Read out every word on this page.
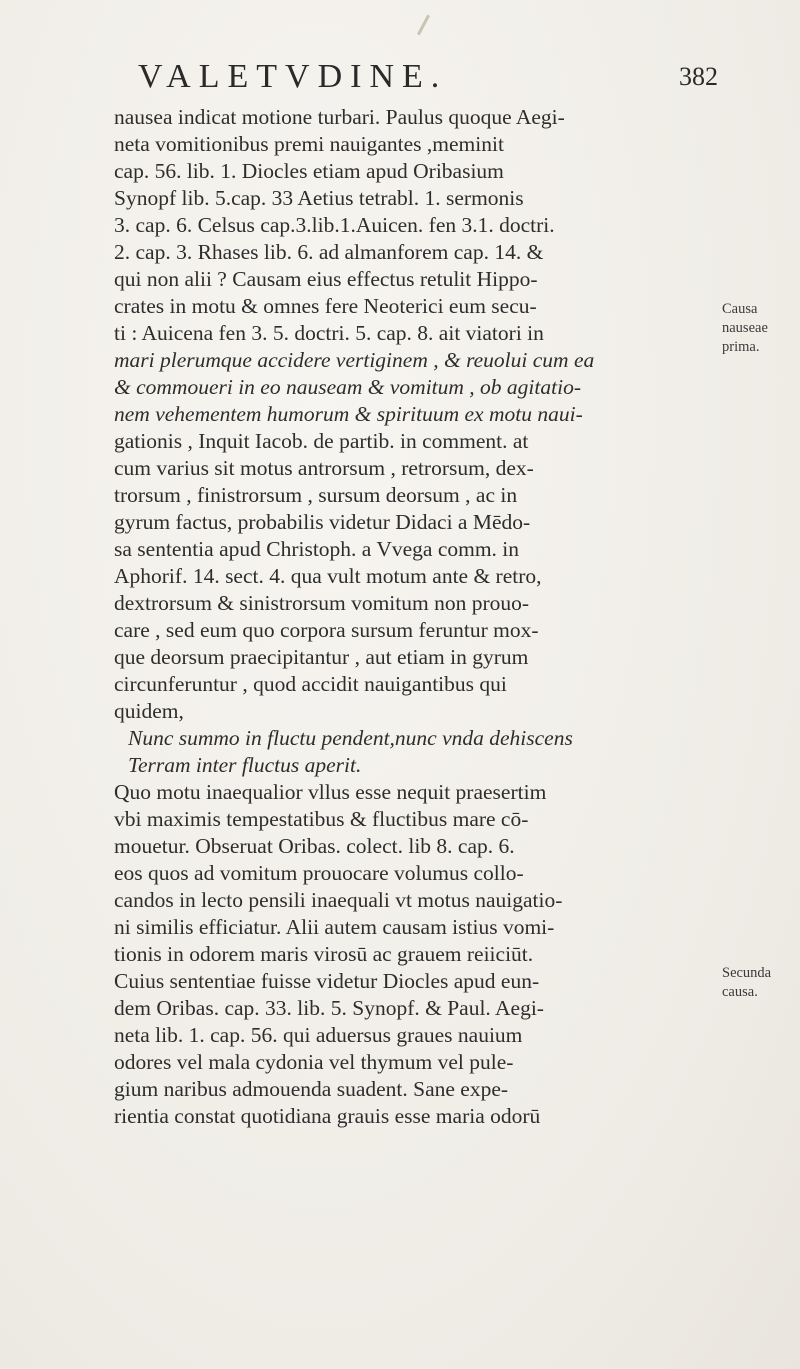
VALETVDINE.	382
nausea indicat motione turbari. Paulus quoque Aegi-
neta vomitionibus premi nauigantes ,meminit
cap. 56. lib. 1. Diocles etiam apud Oribasium
Synopf lib. 5.cap. 33 Aetius tetrabl. 1. sermonis
3. cap. 6. Celsus cap.3.lib.1.Auicen. fen 3.1. doctri.
2. cap. 3. Rhases lib. 6. ad almanforem cap. 14. &
qui non alii ? Causam eius effectus retulit Hippo-
crates in motu & omnes fere Neoterici eum secu-
ti : Auicena fen 3. 5. doctri. 5. cap. 8. ait viatori in
mari plerumque accidere vertiginem , & reuolui cum ea
& commoueri in eo nauseam & vomitum , ob agitatio-
nem vehementem humorum & spirituum ex motu naui-
gationis , Inquit Iacob. de partib. in comment. at
cum varius sit motus antrorsum , retrorsum, dex-
trorsum , finistrorsum , sursum deorsum , ac in
gyrum factus, probabilis videtur Didaci a Mēdo-
sa sententia apud Christoph. a Vvega comm. in
Aphorif. 14. sect. 4. qua vult motum ante & retro,
dextrorsum & sinistrorsum vomitum non prouo-
care , sed eum quo corpora sursum feruntur mox-
que deorsum praecipitantur , aut etiam in gyrum
circunferuntur , quod accidit nauigantibus qui
quidem,
Nunc summo in fluctu pendent,nunc vnda dehiscens
Terram inter fluctus aperit.
Quo motu inaequalior vllus esse nequit praesertim
vbi maximis tempestatibus & fluctibus mare cō-
mouetur. Obseruat Oribas. colect. lib 8. cap. 6.
eos quos ad vomitum prouocare volumus collo-
candos in lecto pensili inaequali vt motus nauigatio-
ni similis efficiatur. Alii autem causam istius vomi-
tionis in odorem maris virosū ac grauem reiiciūt.
Cuius sententiae fuisse videtur Diocles apud eun-
dem Oribas. cap. 33. lib. 5. Synopf. & Paul. Aegi-
neta lib. 1. cap. 56. qui aduersus graues nauium
odores vel mala cydonia vel thymum vel pule-
gium naribus admouenda suadent. Sane expe-
rientia constat quotidiana grauis esse maria odorū
Causa
nauseae
prima.
Secunda
causa.
